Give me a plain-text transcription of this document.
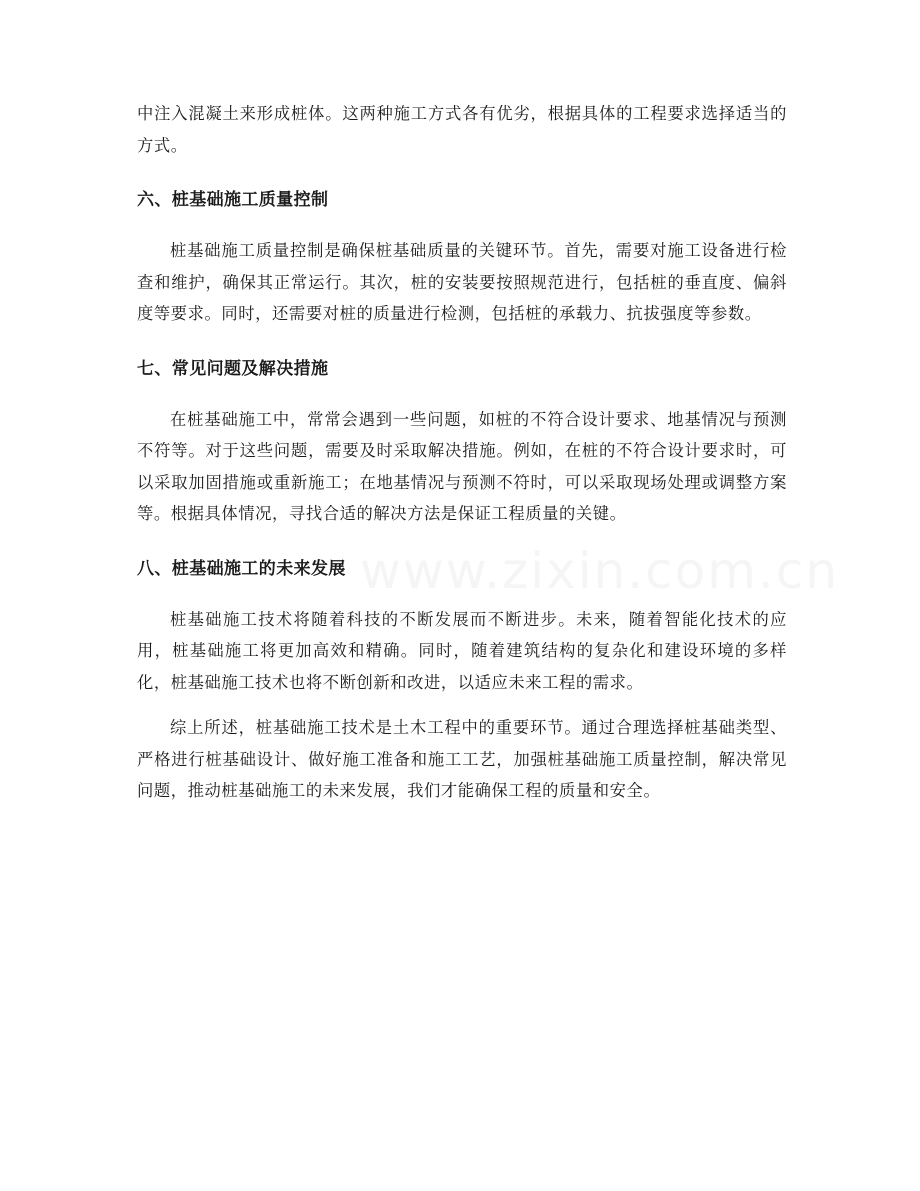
www.zixin.com.cn

中注入混凝土来形成桩体。这两种施工方式各有优劣，根据具体的工程要求选择适当的方式。

六、桩基础施工质量控制

桩基础施工质量控制是确保桩基础质量的关键环节。首先，需要对施工设备进行检查和维护，确保其正常运行。其次，桩的安装要按照规范进行，包括桩的垂直度、偏斜度等要求。同时，还需要对桩的质量进行检测，包括桩的承载力、抗拔强度等参数。

七、常见问题及解决措施

在桩基础施工中，常常会遇到一些问题，如桩的不符合设计要求、地基情况与预测不符等。对于这些问题，需要及时采取解决措施。例如，在桩的不符合设计要求时，可以采取加固措施或重新施工；在地基情况与预测不符时，可以采取现场处理或调整方案等。根据具体情况，寻找合适的解决方法是保证工程质量的关键。

八、桩基础施工的未来发展

桩基础施工技术将随着科技的不断发展而不断进步。未来，随着智能化技术的应用，桩基础施工将更加高效和精确。同时，随着建筑结构的复杂化和建设环境的多样化，桩基础施工技术也将不断创新和改进，以适应未来工程的需求。

综上所述，桩基础施工技术是土木工程中的重要环节。通过合理选择桩基础类型、严格进行桩基础设计、做好施工准备和施工工艺，加强桩基础施工质量控制，解决常见问题，推动桩基础施工的未来发展，我们才能确保工程的质量和安全。
